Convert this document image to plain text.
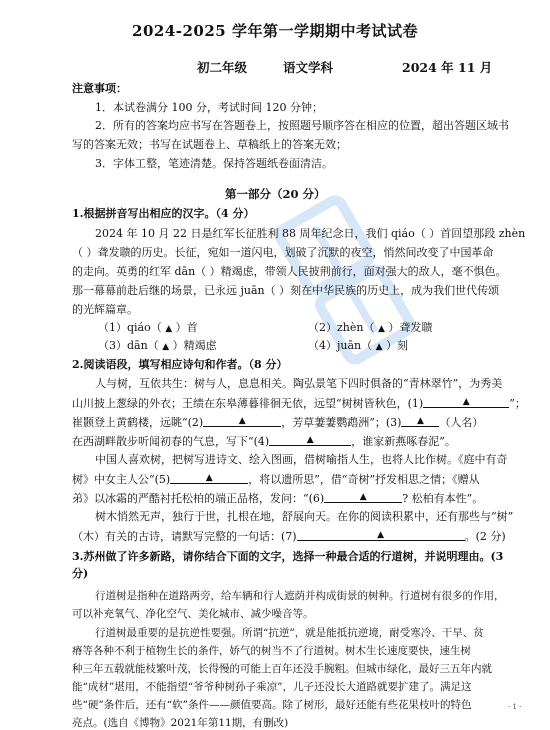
2024-2025 学年第一学期期中考试试卷
初二年级	语文学科	2024 年 11 月
注意事项：
1．本试卷满分 100 分，考试时间 120 分钟；
2．所有的答案均应书写在答题卷上，按照题号顺序答在相应的位置，超出答题区域书
写的答案无效；书写在试题卷上、草稿纸上的答案无效；
3．字体工整，笔迹清楚。保持答题纸卷面清洁。
第一部分（20 分）
1.根据拼音写出相应的汉字。（4 分）
2024 年 10 月 22 日是红军长征胜利 88 周年纪念日，我们 qiáo（ ）首回望那段 zhèn
（ ）聋发聩的历史。长征，宛如一道闪电，划破了沉默的夜空，悄然间改变了中国革命
的走向。英勇的红军 dān（ ）精竭虑，带领人民披荆前行，面对强大的敌人，毫不惧色。
那一幕幕前赴后继的场景，已永远 juān（ ）刻在中华民族的历史上，成为我们世代传颂
的光辉篇章。
（1）qiáo（ ▲ ）首	（2）zhèn（ ▲ ）聋发聩
（3）dān（ ▲ ）精竭虑	（4）juān（ ▲ ）刻
2.阅读语段，填写相应诗句和作者。（8 分）
人与树，互依共生：树与人，息息相关。陶弘景笔下四时俱备的“青林翠竹”，为秀美
山川披上葱绿的外衣；王绩在东皋薄暮徘徊无依，远望“树树皆秋色，(1)	▲	”；
崔颢登上黄鹤楼，远眺“(2)	▲	，芳草萋萋鹦鹉洲”；(3) ▲ （人名）
在西湖畔散步听闻初春的气息，写下“(4)	▲	，谁家新燕啄春泥”。
中国人喜欢树，把树写进诗文、绘入图画，借树喻指人生，也将人比作树。《庭中有奇
树》中女主人公“(5)	▲	，将以遗所思”，借“奇树”抒发相思之情；《赠从
弟》以冰霜的严酷衬托松柏的端正品格，发问：“(6)	▲	? 松柏有本性”。
树木悄然无声，独行于世，扎根在地，舒展向天。在你的阅读积累中，还有那些与“树”
（木）有关的古诗，请默写完整的一句话：(7)	▲	。(2 分)
3.苏州做了许多新路，请你结合下面的文字，选择一种最合适的行道树，并说明理由。(3
分)
行道树是指种在道路两旁，给车辆和行人遮荫并构成街景的树种。行道树有很多的作用，
可以补充氧气、净化空气、美化城市、减少噪音等。
行道树最重要的是抗逆性要强。所谓“抗逆”，就是能抵抗逆境，耐受寒冷、干旱、贫
瘠等各种不利于植物生长的条件，娇气的树当不了行道树。树木生长速度要快，速生树
种三年五载就能枝繁叶茂，长得慢的可能上百年还没手腕粗。但城市绿化，最好三五年内就
能“成材”堪用，不能指望“爷爷种树孙子乘凉”，儿子还没长大道路就要扩建了。满足这
些“硬”条件后，还有“软”条件——颜值要高。除了树形，最好还能有些花果枝叶的特色
亮点。(选自《博物》2021年第11期，有删改)
· 1 ·
